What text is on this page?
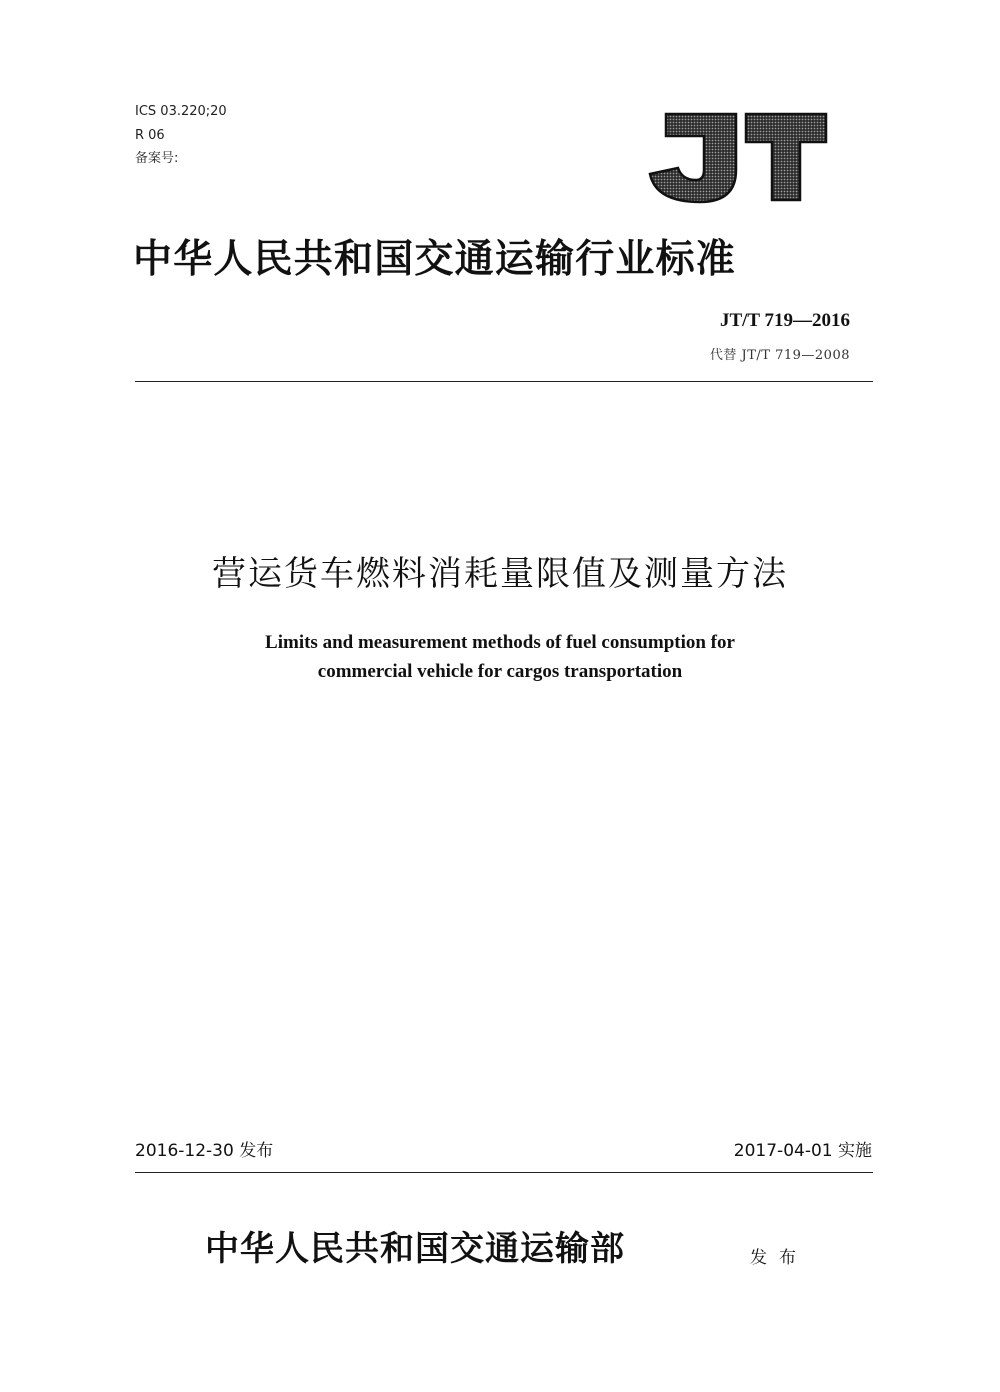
ICS 03.220;20
R 06
备案号:
中华人民共和国交通运输行业标准
JT/T 719—2016
代替 JT/T 719—2008
营运货车燃料消耗量限值及测量方法
Limits and measurement methods of fuel consumption for
commercial vehicle for cargos transportation
2016-12-30 发布	2017-04-01 实施
中华人民共和国交通运输部	发布
